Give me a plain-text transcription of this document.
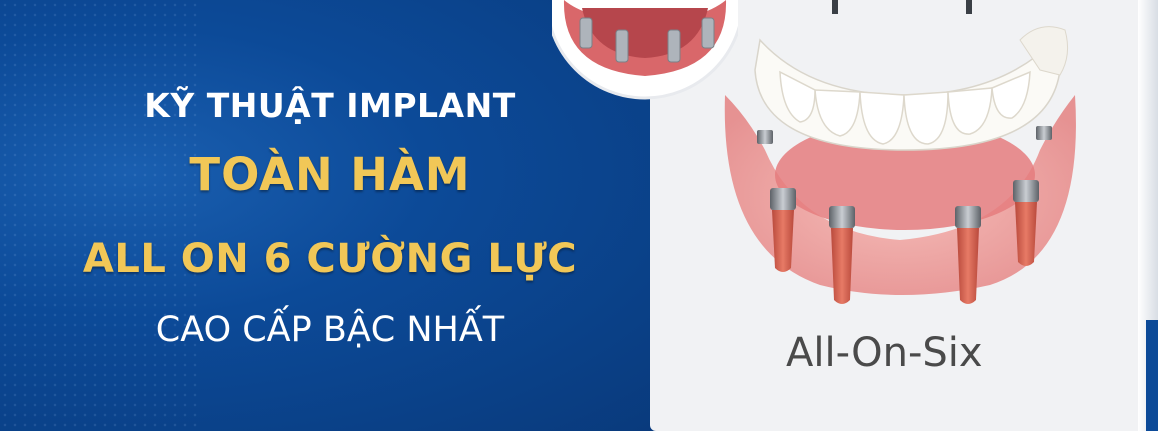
KỸ THUẬT IMPLANT
TOÀN HÀM
ALL ON 6 CƯỜNG LỰC
CAO CẤP BẬC NHẤT	All-On-Six
